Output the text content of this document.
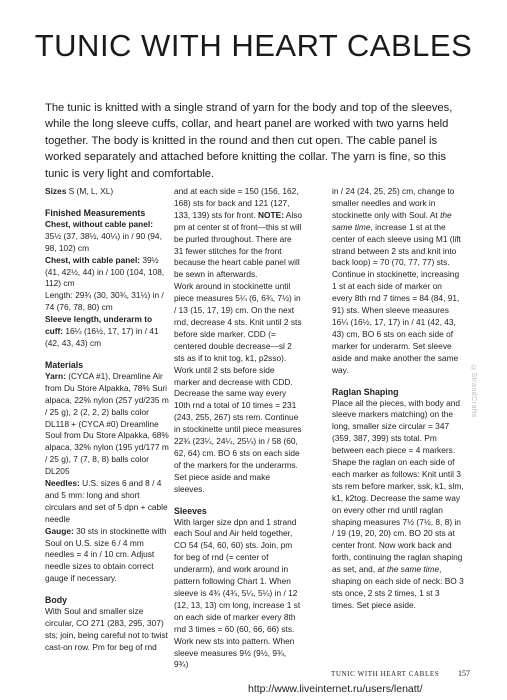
TUNIC WITH HEART CABLES

The tunic is knitted with a single strand of yarn for the body and top of the sleeves, while the long sleeve cuffs, collar, and heart panel are worked with two yarns held together. The body is knitted in the round and then cut open. The cable panel is worked separately and attached before knitting the collar. The yarn is fine, so this tunic is very light and comfortable.

Sizes S (M, L, XL)

Finished Measurements

Chest, without cable panel: 35½ (37, 38½, 40¼) in / 90 (94, 98, 102) cm

Chest, with cable panel: 39½ (41, 42½, 44) in / 100 (104, 108, 112) cm

Length: 29¾ (30, 30¾, 31½) in / 74 (76, 78, 80) cm

Sleeve length, underarm to cuff: 16¼ (16½, 17, 17) in / 41 (42, 43, 43) cm

Materials

Yarn: (CYCA #1), Dreamline Air from Du Store Alpakka, 78% Suri alpaca, 22% nylon (257 yd/235 m / 25 g), 2 (2, 2, 2) balls color DL118 + (CYCA #0) Dreamline Soul from Du Store Alpakka, 68% alpaca, 32% nylon (195 yd/177 m / 25 g), 7 (7, 8, 8) balls color DL205

Needles: U.S. sizes 6 and 8 / 4 and 5 mm: long and short circulars and set of 5 dpn + cable needle

Gauge: 30 sts in stockinette with Soul on U.S. size 6 / 4 mm needles = 4 in / 10 cm. Adjust needle sizes to obtain correct gauge if necessary.

Body

With Soul and smaller size circular, CO 271 (283, 295, 307) sts; join, being careful not to twist cast-on row. Pm for beg of rnd

and at each side = 150 (156, 162, 168) sts for back and 121 (127, 133, 139) sts for front. NOTE: Also pm at center st of front—this st will be purled throughout. There are 31 fewer stitches for the front because the heart cable panel will be sewn in afterwards.

Work around in stockinette until piece measures 5¼ (6, 6¾, 7½) in / 13 (15, 17, 19) cm. On the next rnd, decrease 4 sts. Knit until 2 sts before side marker. CDD (= centered double decrease—sl 2 sts as if to knit tog, k1, p2sso). Work until 2 sts before side marker and decrease with CDD. Decrease the same way every 10th rnd a total of 10 times = 231 (243, 255, 267) sts rem. Continue in stockinette until piece measures 22¾ (23¼, 24¼, 25¼) in / 58 (60, 62, 64) cm. BO 6 sts on each side of the markers for the underarms. Set piece aside and make sleeves.

Sleeves

With larger size dpn and 1 strand each Soul and Air held together, CO 54 (54, 60, 60) sts. Join, pm for beg of rnd (= center of underarm), and work around in pattern following Chart 1. When sleeve is 4¾ (4¾, 5¼, 5¼) in / 12 (12, 13, 13) cm long, increase 1 st on each side of marker every 8th rnd 3 times = 60 (60, 66, 66) sts. Work new sts into pattern. When sleeve measures 9½ (9½, 9¾, 9¾)

in / 24 (24, 25, 25) cm, change to smaller needles and work in stockinette only with Soul. At the same time, increase 1 st at the center of each sleeve using M1 (lift strand between 2 sts and knit into back loop) = 70 (70, 77, 77) sts. Continue in stockinette, increasing 1 st at each side of marker on every 8th rnd 7 times = 84 (84, 91, 91) sts. When sleeve measures 16¼ (16½, 17, 17) in / 41 (42, 43, 43) cm, BO 6 sts on each side of marker for underarm. Set sleeve aside and make another the same way.

Raglan Shaping

Place all the pieces, with body and sleeve markers matching) on the long, smaller size circular = 347 (359, 387, 399) sts total. Pm between each piece = 4 markers. Shape the raglan on each side of each marker as follows: Knit until 3 sts rem before marker, ssk, k1, slm, k1, k2tog. Decrease the same way on every other rnd until raglan shaping measures 7½ (7½, 8, 8) in / 19 (19, 20, 20) cm. BO 20 sts at center front. Now work back and forth, continuing the raglan shaping as set, and, at the same time, shaping on each side of neck: BO 3 sts once, 2 sts 2 times, 1 st 3 times. Set piece aside.

©StrandCrafts
TUNIC WITH HEART CABLES 157
http://www.liveinternet.ru/users/lenatt/
